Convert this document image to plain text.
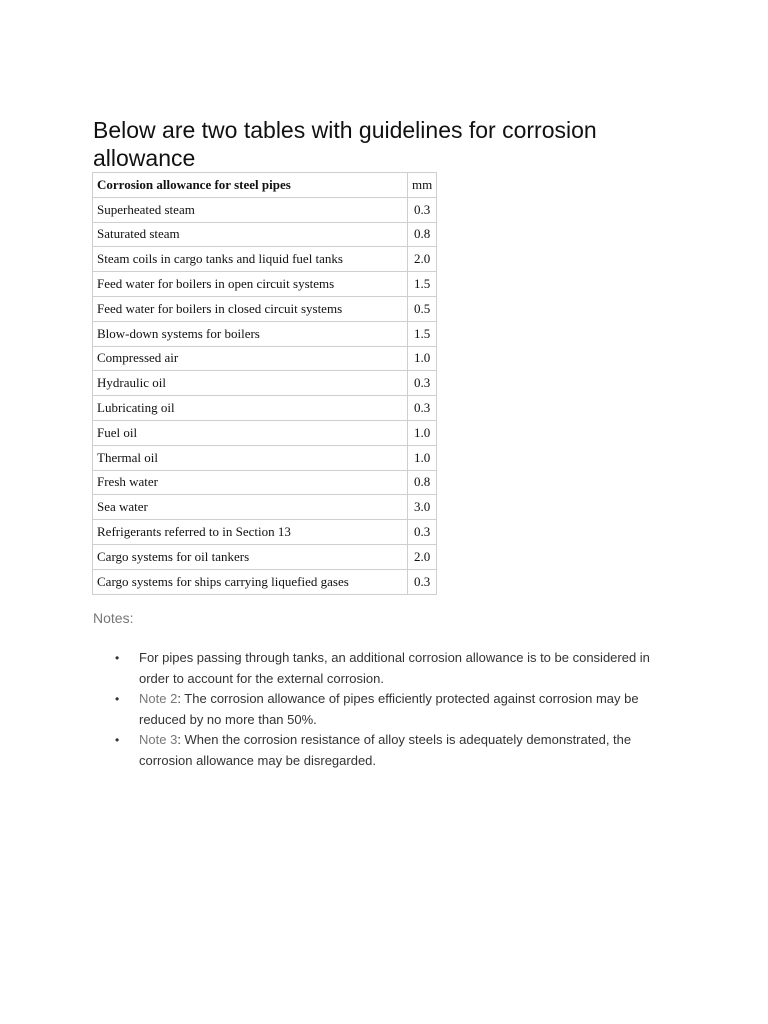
Below are two tables with guidelines for corrosion allowance
Corrosion allowance for steel pipes	mm
Superheated steam	0.3
Saturated steam	0.8
Steam coils in cargo tanks and liquid fuel tanks	2.0
Feed water for boilers in open circuit systems	1.5
Feed water for boilers in closed circuit systems	0.5
Blow-down systems for boilers	1.5
Compressed air	1.0
Hydraulic oil	0.3
Lubricating oil	0.3
Fuel oil	1.0
Thermal oil	1.0
Fresh water	0.8
Sea water	3.0
Refrigerants referred to in Section 13	0.3
Cargo systems for oil tankers	2.0
Cargo systems for ships carrying liquefied gases	0.3
Notes:
• For pipes passing through tanks, an additional corrosion allowance is to be considered in order to account for the external corrosion.
• Note 2: The corrosion allowance of pipes efficiently protected against corrosion may be reduced by no more than 50%.
• Note 3: When the corrosion resistance of alloy steels is adequately demonstrated, the corrosion allowance may be disregarded.
